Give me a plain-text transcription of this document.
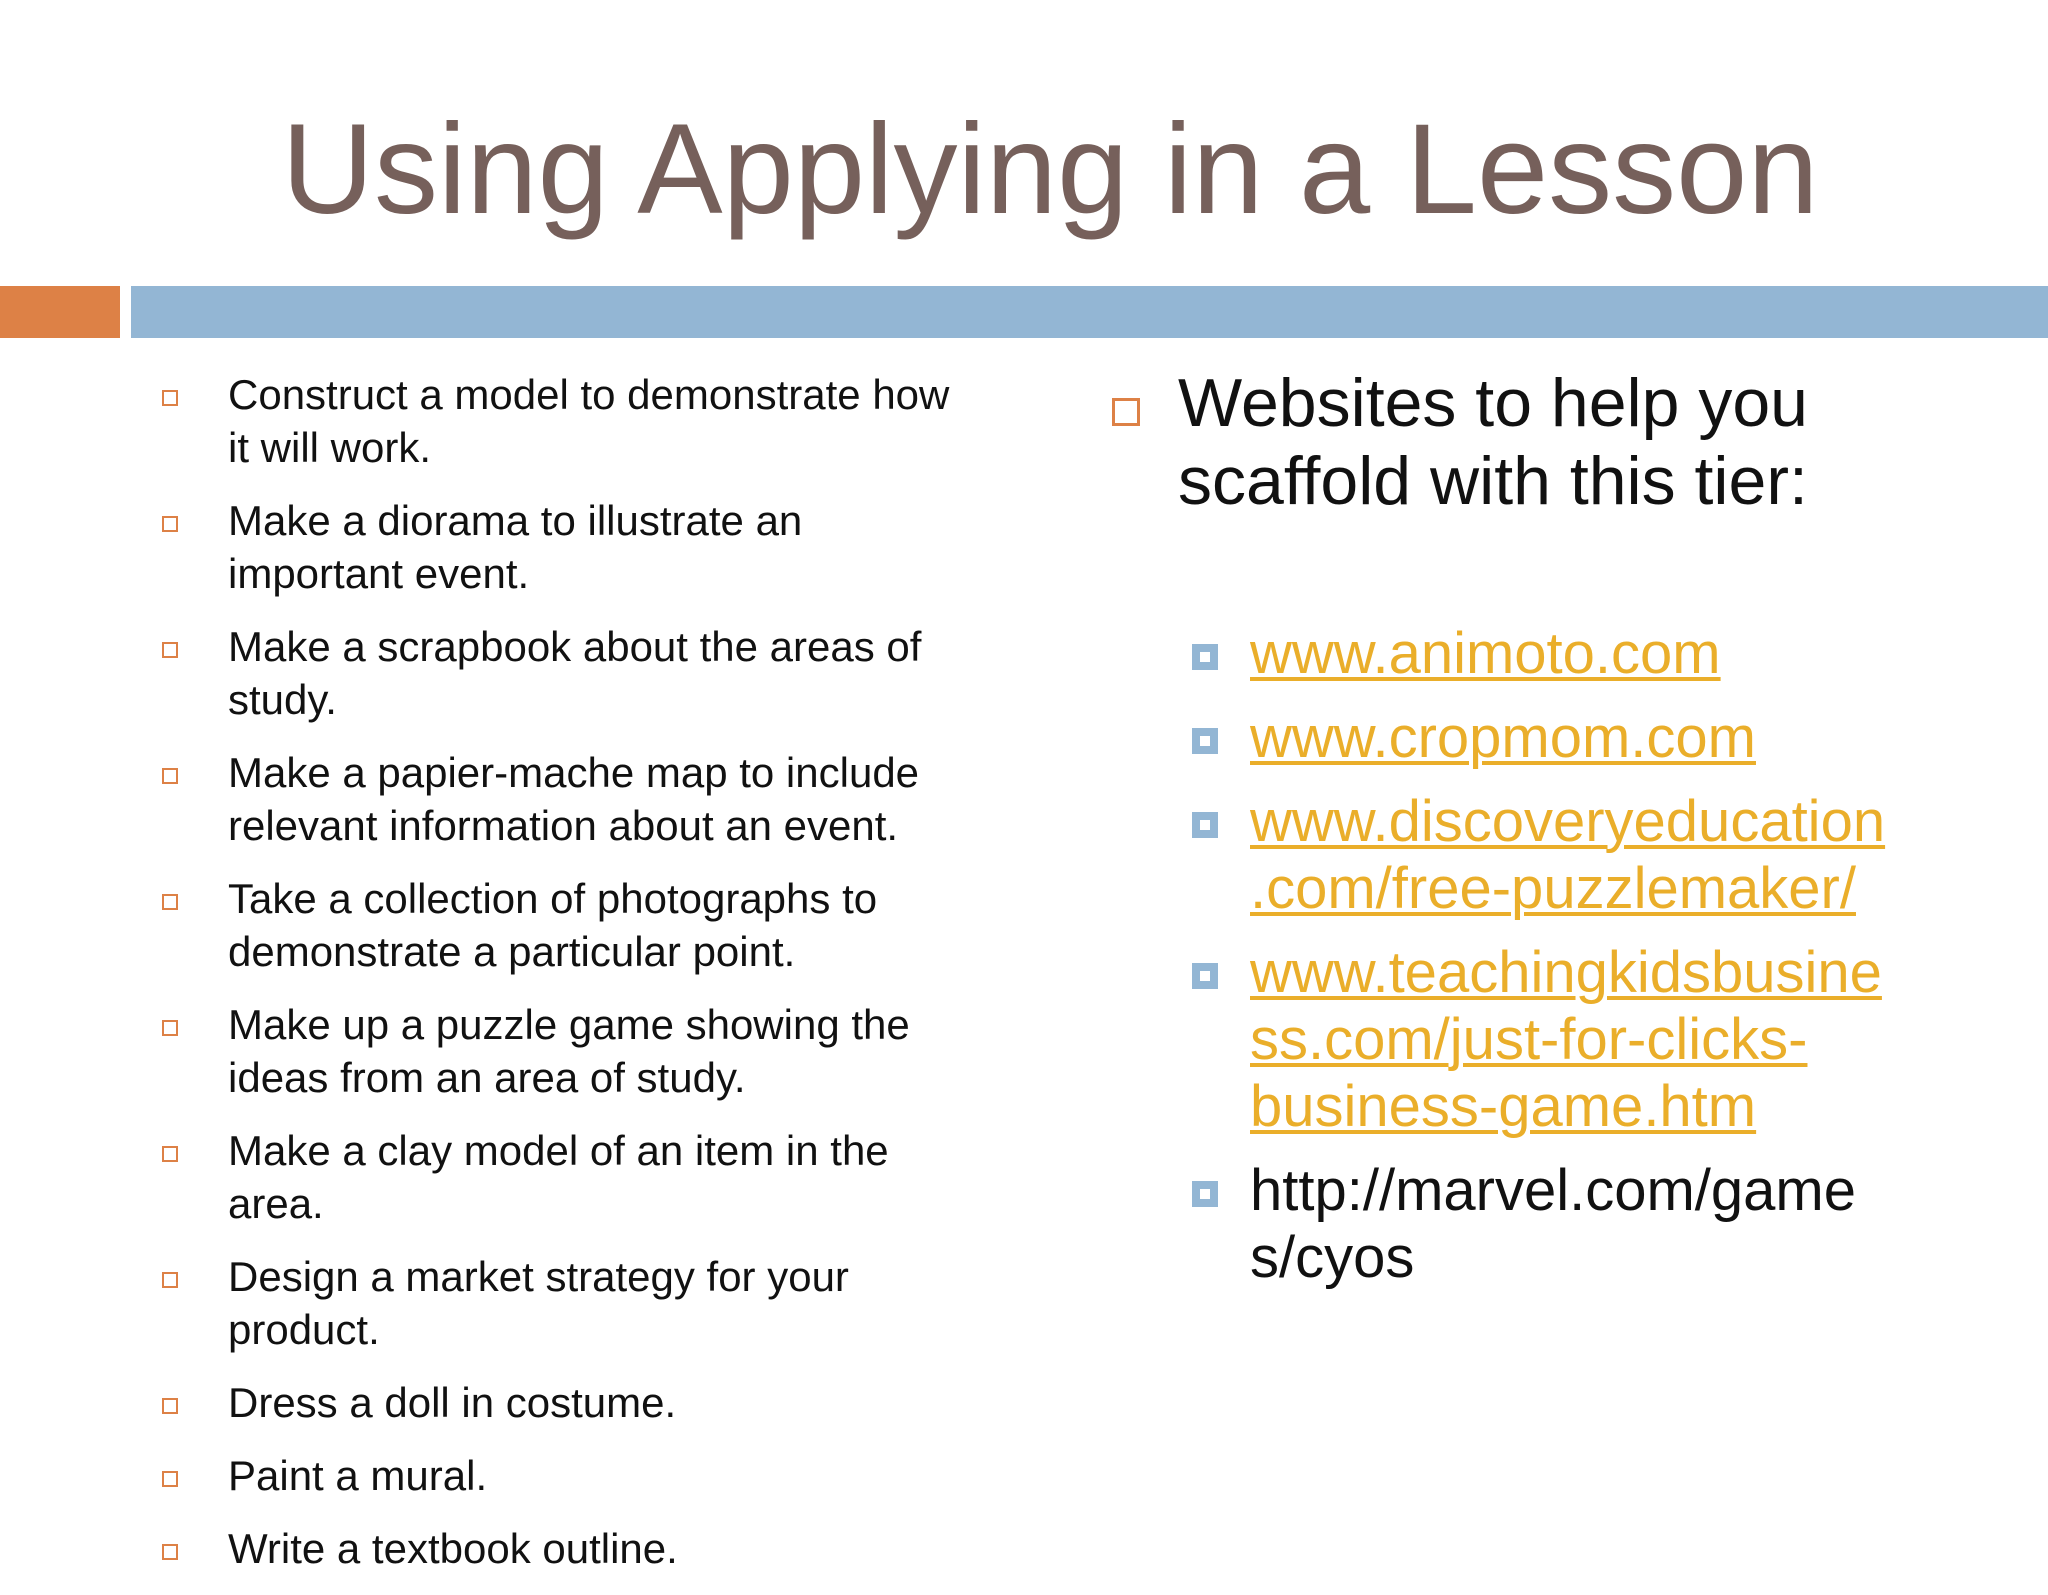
Using Applying in a Lesson
Construct a model to demonstrate how
it will work.
Make a diorama to illustrate an
important event.
Make a scrapbook about the areas of
study.
Make a papier-mache map to include
relevant information about an event.
Take a collection of photographs to
demonstrate a particular point.
Make up a puzzle game showing the
ideas from an area of study.
Make a clay model of an item in the
area.
Design a market strategy for your
product.
Dress a doll in costume.
Paint a mural.
Write a textbook outline.
Websites to help you
scaffold with this tier:
www.animoto.com
www.cropmom.com
www.discoveryeducation
.com/free-puzzlemaker/
www.teachingkidsbusine
ss.com/just-for-clicks-
business-game.htm
http://marvel.com/game
s/cyos
